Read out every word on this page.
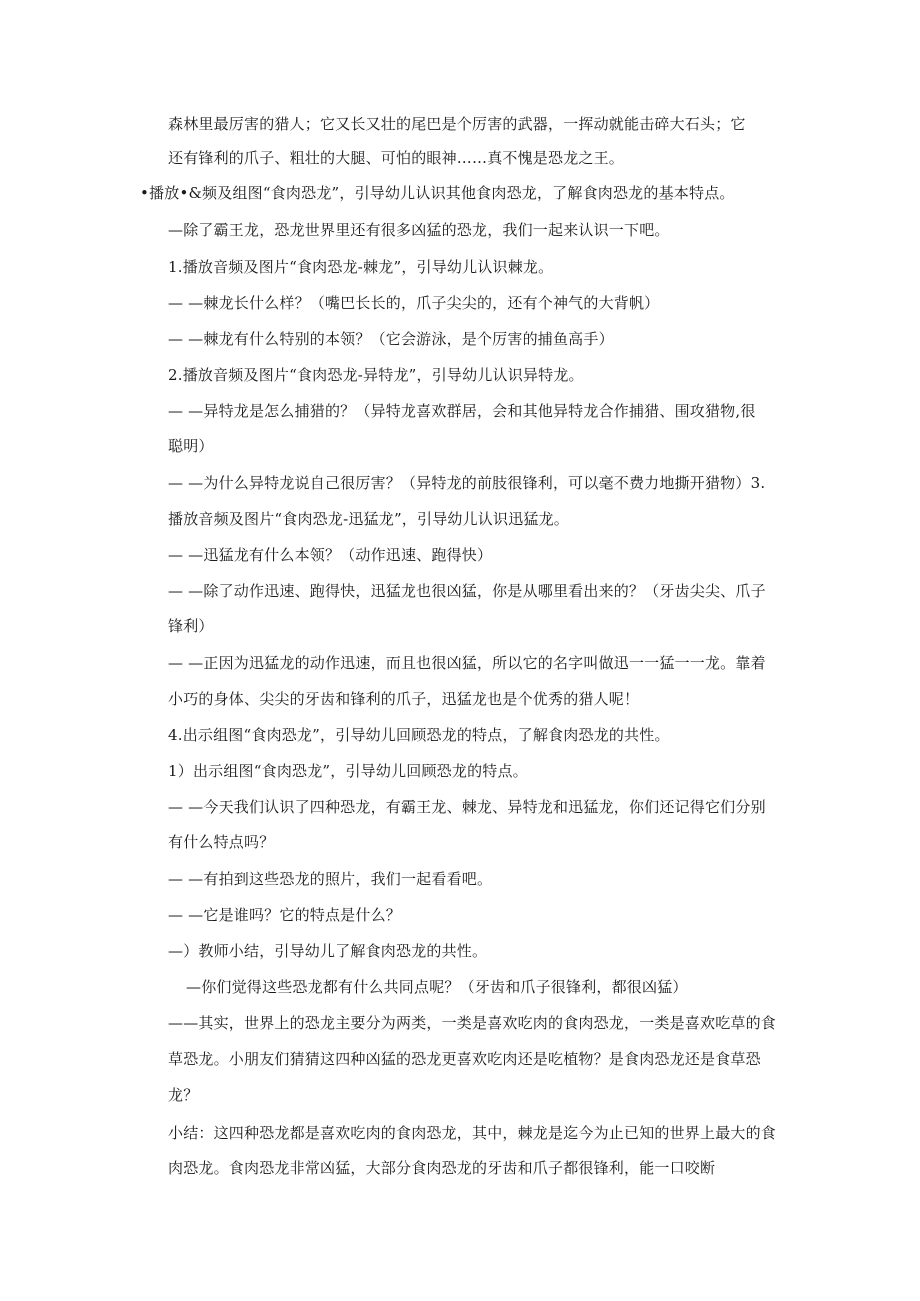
森林里最厉害的猎人；它又长又壮的尾巴是个厉害的武器，一挥动就能击碎大石头；它
还有锋利的爪子、粗壮的大腿、可怕的眼神……真不愧是恐龙之王。
•播放•&频及组图“食肉恐龙”，引导幼儿认识其他食肉恐龙，了解食肉恐龙的基本特点。
—除了霸王龙，恐龙世界里还有很多凶猛的恐龙，我们一起来认识一下吧。
1.播放音频及图片“食肉恐龙-棘龙”，引导幼儿认识棘龙。
— —棘龙长什么样？（嘴巴长长的，爪子尖尖的，还有个神气的大背帆）
— —棘龙有什么特别的本领？（它会游泳，是个厉害的捕鱼高手）
2.播放音频及图片“食肉恐龙-异特龙”，引导幼儿认识异特龙。
— —异特龙是怎么捕猎的？（异特龙喜欢群居，会和其他异特龙合作捕猎、围攻猎物,很
聪明）
— —为什么异特龙说自己很厉害？（异特龙的前肢很锋利，可以毫不费力地撕开猎物）3.
播放音频及图片“食肉恐龙-迅猛龙”，引导幼儿认识迅猛龙。
— —迅猛龙有什么本领？（动作迅速、跑得快）
— —除了动作迅速、跑得快，迅猛龙也很凶猛，你是从哪里看出来的？（牙齿尖尖、爪子
锋利）
— —正因为迅猛龙的动作迅速，而且也很凶猛，所以它的名字叫做迅一一猛一一龙。靠着
小巧的身体、尖尖的牙齿和锋利的爪子，迅猛龙也是个优秀的猎人呢！
4.出示组图“食肉恐龙”，引导幼儿回顾恐龙的特点，了解食肉恐龙的共性。
1）出示组图“食肉恐龙”，引导幼儿回顾恐龙的特点。
— —今天我们认识了四种恐龙，有霸王龙、棘龙、异特龙和迅猛龙，你们还记得它们分别
有什么特点吗？
— —有拍到这些恐龙的照片，我们一起看看吧。
— —它是谁吗？它的特点是什么？
—）教师小结，引导幼儿了解食肉恐龙的共性。
—你们觉得这些恐龙都有什么共同点呢？（牙齿和爪子很锋利，都很凶猛）
——其实，世界上的恐龙主要分为两类，一类是喜欢吃肉的食肉恐龙，一类是喜欢吃草的食
草恐龙。小朋友们猜猜这四种凶猛的恐龙更喜欢吃肉还是吃植物？是食肉恐龙还是食草恐
龙？
小结：这四种恐龙都是喜欢吃肉的食肉恐龙，其中，棘龙是迄今为止已知的世界上最大的食
肉恐龙。食肉恐龙非常凶猛，大部分食肉恐龙的牙齿和爪子都很锋利，能一口咬断
